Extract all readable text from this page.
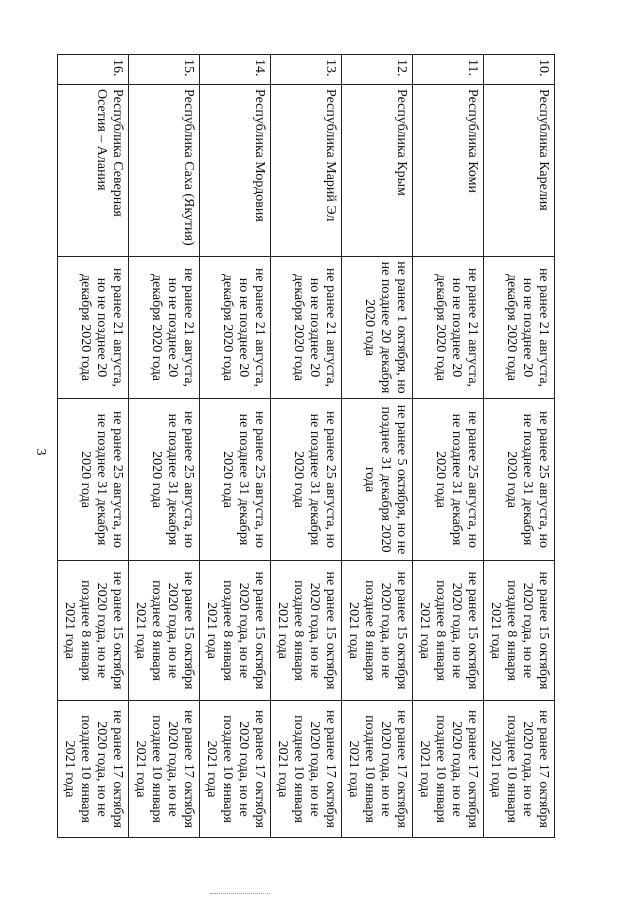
3
10.	Республика Карелия	не ранее 21 августа, но не позднее 20 декабря 2020 года	не ранее 25 августа, но не позднее 31 декабря 2020 года	не ранее 15 октября 2020 года, но не позднее 8 января 2021 года	не ранее 17 октября 2020 года, но не позднее 10 января 2021 года
11.	Республика Коми	не ранее 21 августа, но не позднее 20 декабря 2020 года	не ранее 25 августа, но не позднее 31 декабря 2020 года	не ранее 15 октября 2020 года, но не позднее 8 января 2021 года	не ранее 17 октября 2020 года, но не позднее 10 января 2021 года
12.	Республика Крым	не ранее 1 октября, но не позднее 20 декабря 2020 года	не ранее 5 октября, но не позднее 31 декабря 2020 года	не ранее 15 октября 2020 года, но не позднее 8 января 2021 года	не ранее 17 октября 2020 года, но не позднее 10 января 2021 года
13.	Республика Марий Эл	не ранее 21 августа, но не позднее 20 декабря 2020 года	не ранее 25 августа, но не позднее 31 декабря 2020 года	не ранее 15 октября 2020 года, но не позднее 8 января 2021 года	не ранее 17 октября 2020 года, но не позднее 10 января 2021 года
14.	Республика Мордовия	не ранее 21 августа, но не позднее 20 декабря 2020 года	не ранее 25 августа, но не позднее 31 декабря 2020 года	не ранее 15 октября 2020 года, но не позднее 8 января 2021 года	не ранее 17 октября 2020 года, но не позднее 10 января 2021 года
15.	Республика Саха (Якутия)	не ранее 21 августа, но не позднее 20 декабря 2020 года	не ранее 25 августа, но не позднее 31 декабря 2020 года	не ранее 15 октября 2020 года, но не позднее 8 января 2021 года	не ранее 17 октября 2020 года, но не позднее 10 января 2021 года
16.	Республика Северная Осетия – Алания	не ранее 21 августа, но не позднее 20 декабря 2020 года	не ранее 25 августа, но не позднее 31 декабря 2020 года	не ранее 15 октября 2020 года, но не позднее 8 января 2021 года	не ранее 17 октября 2020 года, но не позднее 10 января 2021 года
